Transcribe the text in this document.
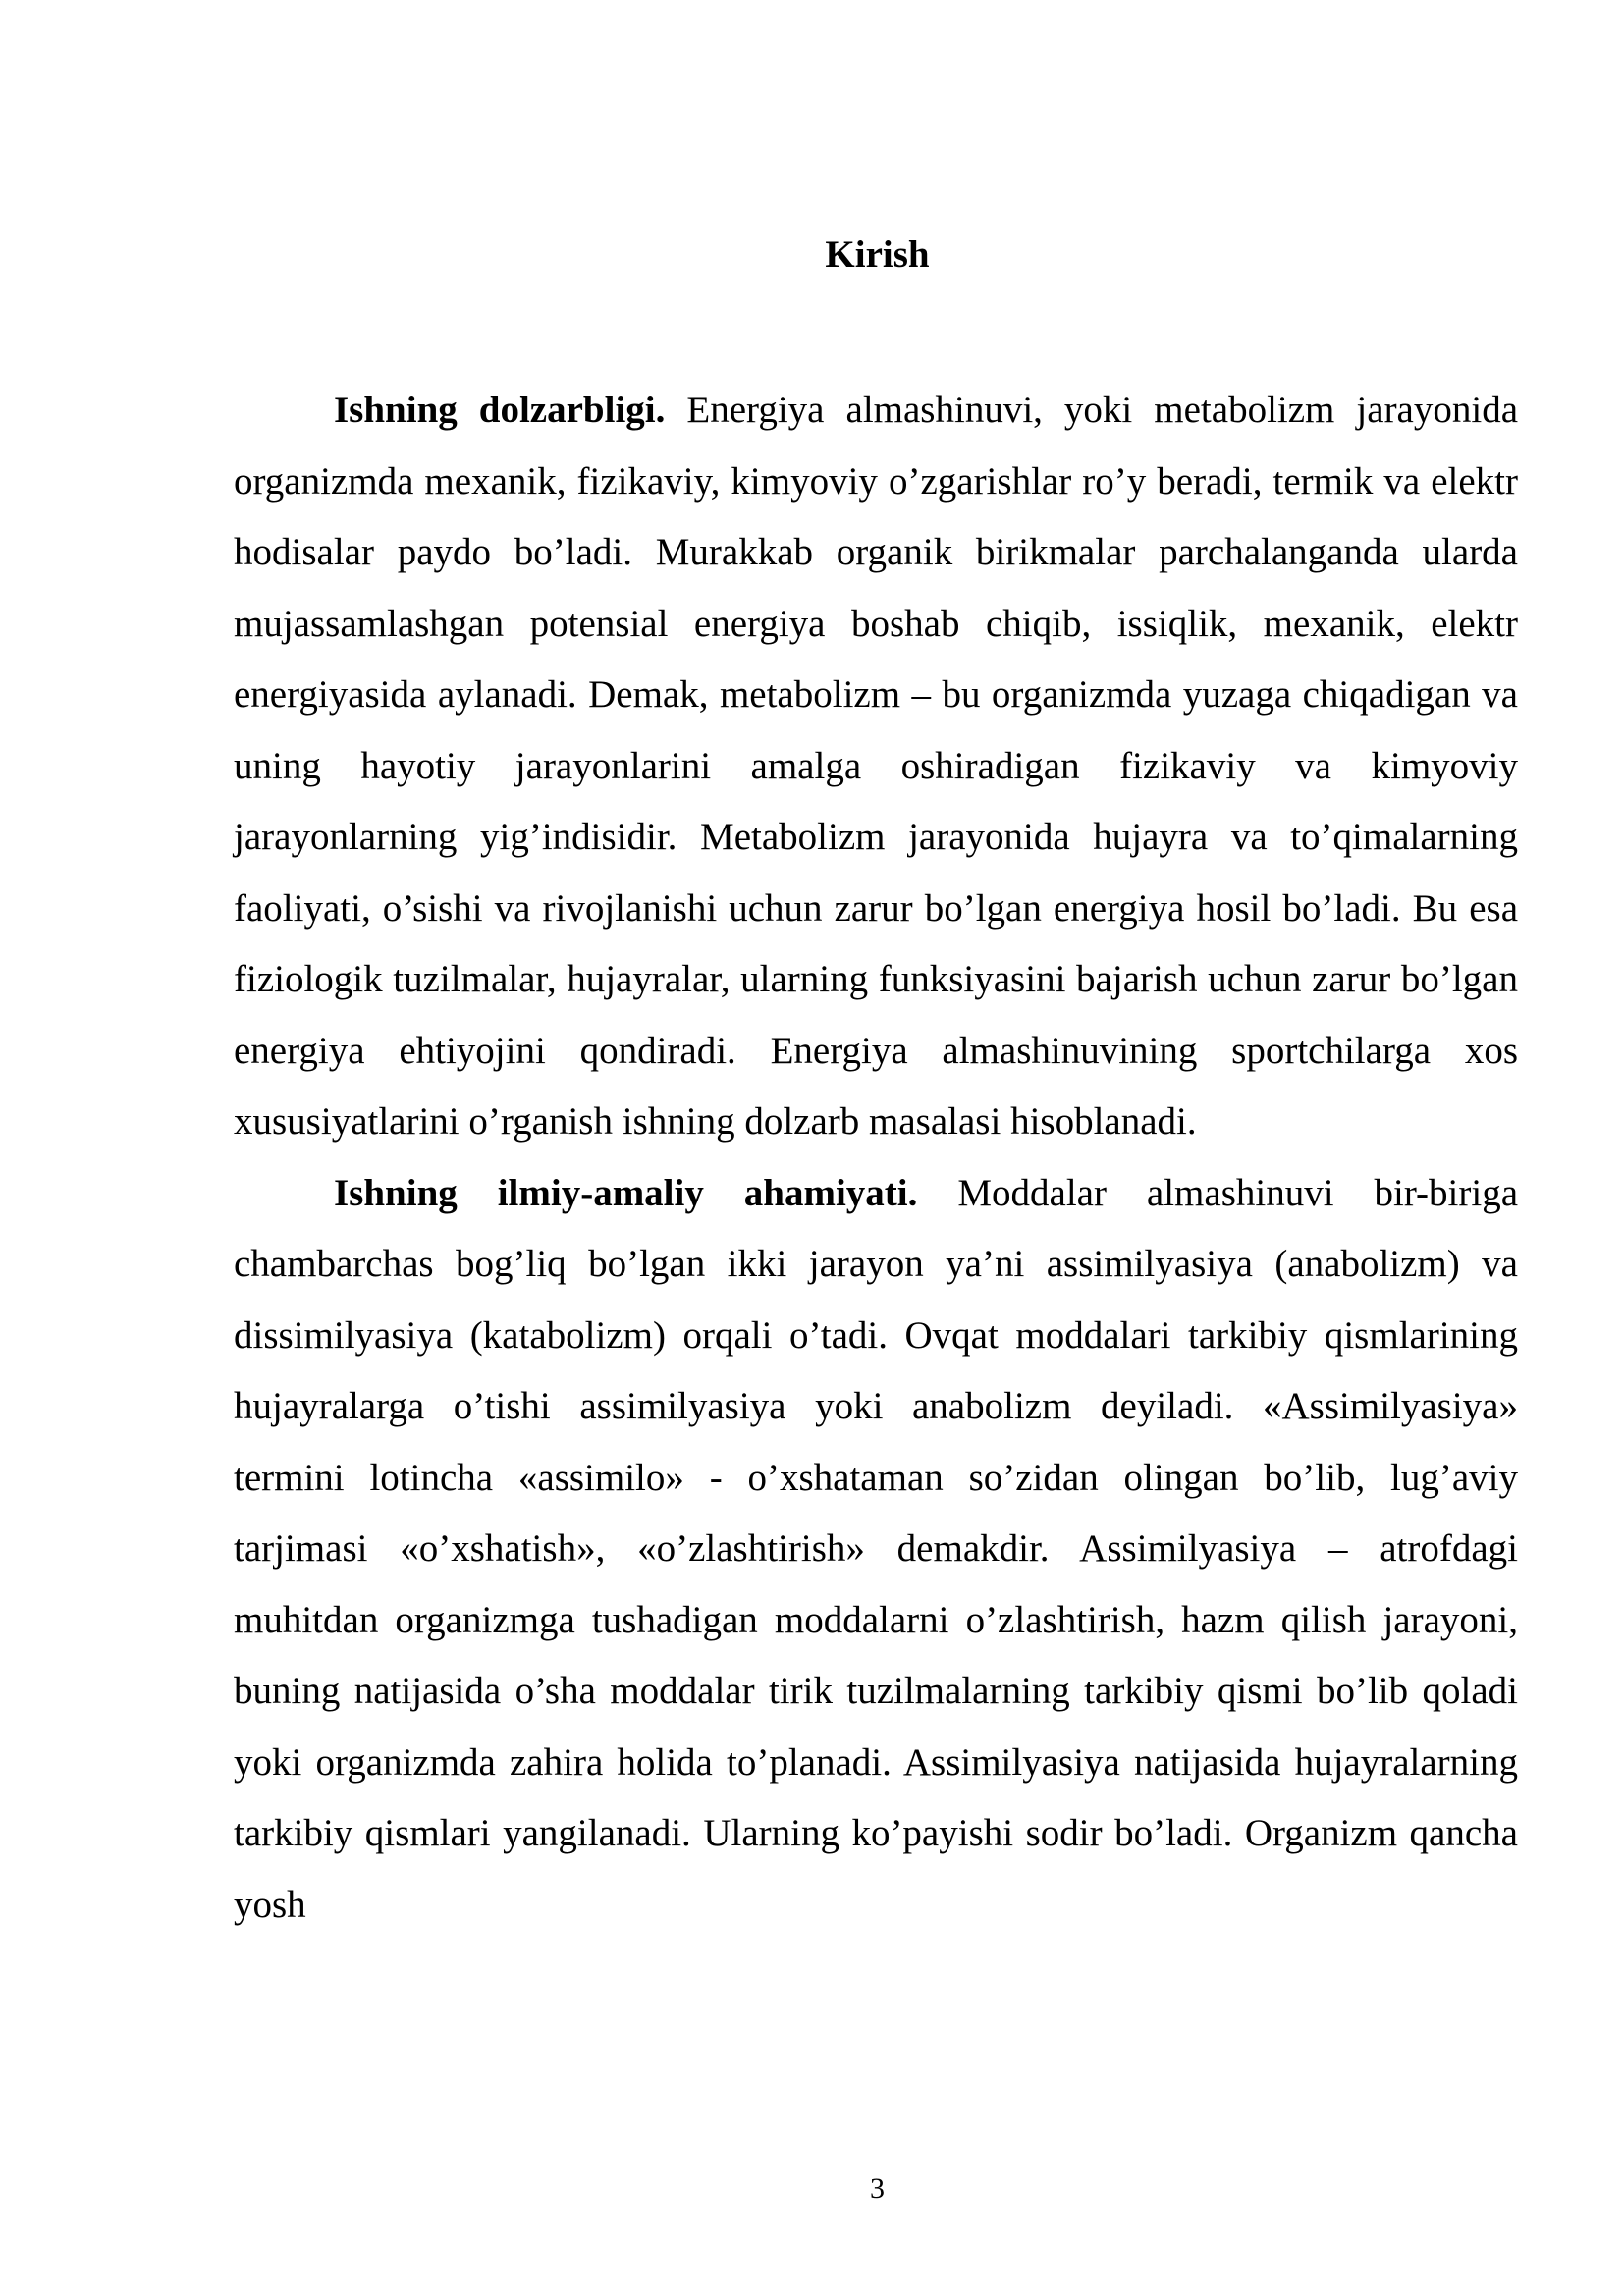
Kirish

Ishning dolzarbligi. Energiya almashinuvi, yoki metabolizm jarayonida organizmda mexanik, fizikaviy, kimyoviy o’zgarishlar ro’y beradi, termik va elektr hodisalar paydo bo’ladi. Murakkab organik birikmalar parchalanganda ularda mujassamlashgan potensial energiya boshab chiqib, issiqlik, mexanik, elektr energiyasida aylanadi. Demak, metabolizm – bu organizmda yuzaga chiqadigan va uning hayotiy jarayonlarini amalga oshiradigan fizikaviy va kimyoviy jarayonlarning yig’indisidir. Metabolizm jarayonida hujayra va to’qimalarning faoliyati, o’sishi va rivojlanishi uchun zarur bo’lgan energiya hosil bo’ladi. Bu esa fiziologik tuzilmalar, hujayralar, ularning funksiyasini bajarish uchun zarur bo’lgan energiya ehtiyojini qondiradi. Energiya almashinuvining sportchilarga xos xususiyatlarini o’rganish ishning dolzarb masalasi hisoblanadi.

Ishning ilmiy-amaliy ahamiyati. Moddalar almashinuvi bir-biriga chambarchas bog’liq bo’lgan ikki jarayon ya’ni assimilyasiya (anabolizm) va dissimilyasiya (katabolizm) orqali o’tadi. Ovqat moddalari tarkibiy qismlarining hujayralarga o’tishi assimilyasiya yoki anabolizm deyiladi. «Assimilyasiya» termini lotincha «assimilo» - o’xshataman so’zidan olingan bo’lib, lug’aviy tarjimasi «o’xshatish», «o’zlashtirish» demakdir. Assimilyasiya – atrofdagi muhitdan organizmga tushadigan moddalarni o’zlashtirish, hazm qilish jarayoni, buning natijasida o’sha moddalar tirik tuzilmalarning tarkibiy qismi bo’lib qoladi yoki organizmda zahira holida to’planadi. Assimilyasiya natijasida hujayralarning tarkibiy qismlari yangilanadi. Ularning ko’payishi sodir bo’ladi. Organizm qancha yosh

3
